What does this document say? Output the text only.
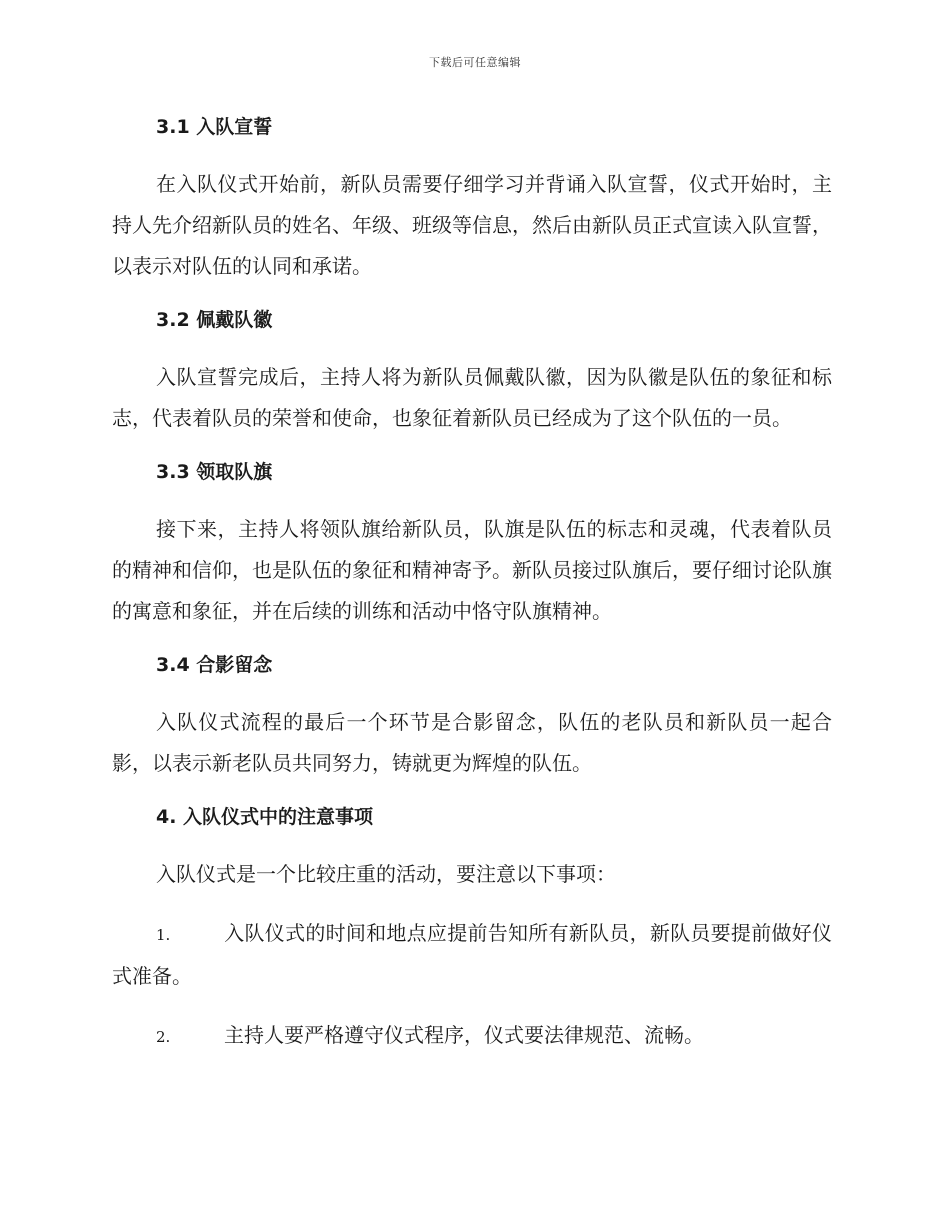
下载后可任意编辑
3.1 入队宣誓

在入队仪式开始前，新队员需要仔细学习并背诵入队宣誓，仪式开始时，主持人先介绍新队员的姓名、年级、班级等信息，然后由新队员正式宣读入队宣誓，以表示对队伍的认同和承诺。

3.2 佩戴队徽

入队宣誓完成后，主持人将为新队员佩戴队徽，因为队徽是队伍的象征和标志，代表着队员的荣誉和使命，也象征着新队员已经成为了这个队伍的一员。

3.3 领取队旗

接下来，主持人将领队旗给新队员，队旗是队伍的标志和灵魂，代表着队员的精神和信仰，也是队伍的象征和精神寄予。新队员接过队旗后，要仔细讨论队旗的寓意和象征，并在后续的训练和活动中恪守队旗精神。

3.4 合影留念

入队仪式流程的最后一个环节是合影留念，队伍的老队员和新队员一起合影，以表示新老队员共同努力，铸就更为辉煌的队伍。

4. 入队仪式中的注意事项

入队仪式是一个比较庄重的活动，要注意以下事项：

1.	入队仪式的时间和地点应提前告知所有新队员，新队员要提前做好仪式准备。

2.	主持人要严格遵守仪式程序，仪式要法律规范、流畅。
